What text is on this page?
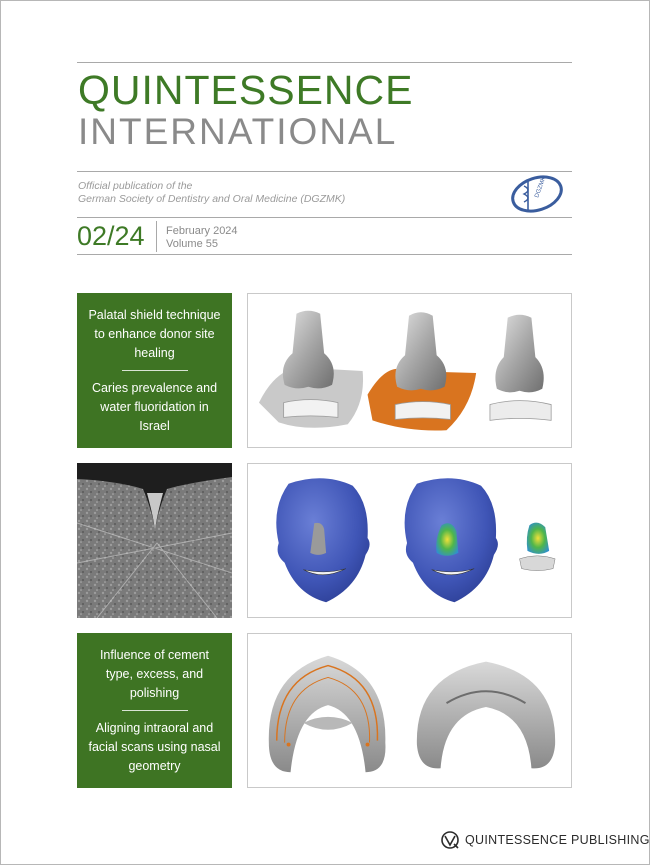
QUINTESSENCE
INTERNATIONAL
Official publication of the
German Society of Dentistry and Oral Medicine (DGZMK)	DGZMK
02/24 February 2024
Volume 55
Palatal shield technique to enhance donor site healing
Caries prevalence and water fluoridation in Israel
Influence of cement type, excess, and polishing
Aligning intraoral and facial scans using nasal geometry
QUINTESSENCE PUBLISHING
